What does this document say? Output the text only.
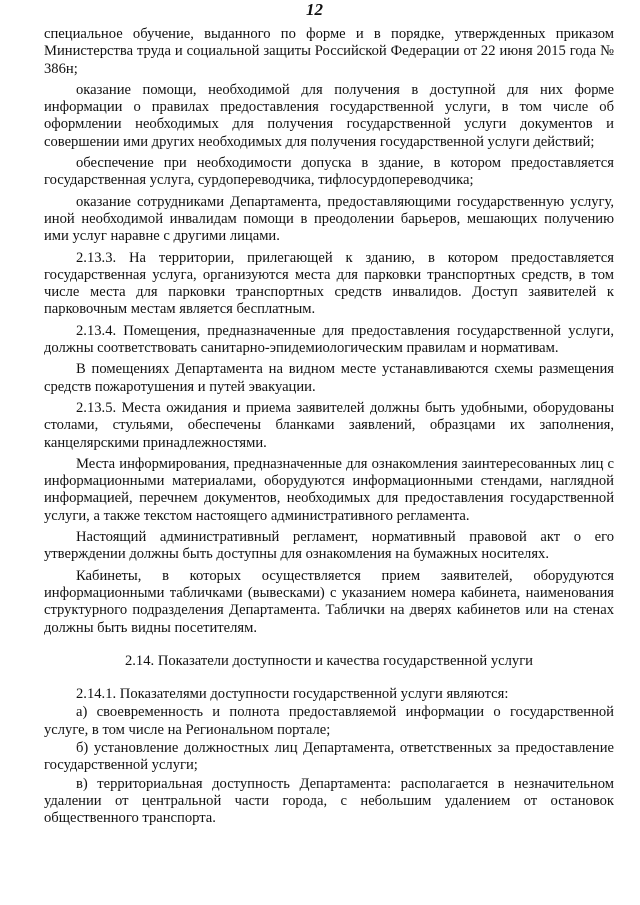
12

специальное обучение, выданного по форме и в порядке, утвержденных приказом Министерства труда и социальной защиты Российской Федерации от 22 июня 2015 года № 386н;

оказание помощи, необходимой для получения в доступной для них форме информации о правилах предоставления государственной услуги, в том числе об оформлении необходимых для получения государственной услуги документов и совершении ими других необходимых для получения государственной услуги действий;

обеспечение при необходимости допуска в здание, в котором предоставляется государственная услуга, сурдопереводчика, тифлосурдопереводчика;

оказание сотрудниками Департамента, предоставляющими государственную услугу, иной необходимой инвалидам помощи в преодолении барьеров, мешающих получению ими услуг наравне с другими лицами.

2.13.3. На территории, прилегающей к зданию, в котором предоставляется государственная услуга, организуются места для парковки транспортных средств, в том числе места для парковки транспортных средств инвалидов. Доступ заявителей к парковочным местам является бесплатным.

2.13.4. Помещения, предназначенные для предоставления государственной услуги, должны соответствовать санитарно-эпидемиологическим правилам и нормативам.

В помещениях Департамента на видном месте устанавливаются схемы размещения средств пожаротушения и путей эвакуации.

2.13.5. Места ожидания и приема заявителей должны быть удобными, оборудованы столами, стульями, обеспечены бланками заявлений, образцами их заполнения, канцелярскими принадлежностями.

Места информирования, предназначенные для ознакомления заинтересованных лиц с информационными материалами, оборудуются информационными стендами, наглядной информацией, перечнем документов, необходимых для предоставления государственной услуги, а также текстом настоящего административного регламента.

Настоящий административный регламент, нормативный правовой акт о его утверждении должны быть доступны для ознакомления на бумажных носителях.

Кабинеты, в которых осуществляется прием заявителей, оборудуются информационными табличками (вывесками) с указанием номера кабинета, наименования структурного подразделения Департамента. Таблички на дверях кабинетов или на стенах должны быть видны посетителям.

2.14. Показатели доступности и качества государственной услуги

2.14.1. Показателями доступности государственной услуги являются:

а) своевременность и полнота предоставляемой информации о государственной услуге, в том числе на Региональном портале;

б) установление должностных лиц Департамента, ответственных за предоставление государственной услуги;

в) территориальная доступность Департамента: располагается в незначительном удалении от центральной части города, с небольшим удалением от остановок общественного транспорта.
